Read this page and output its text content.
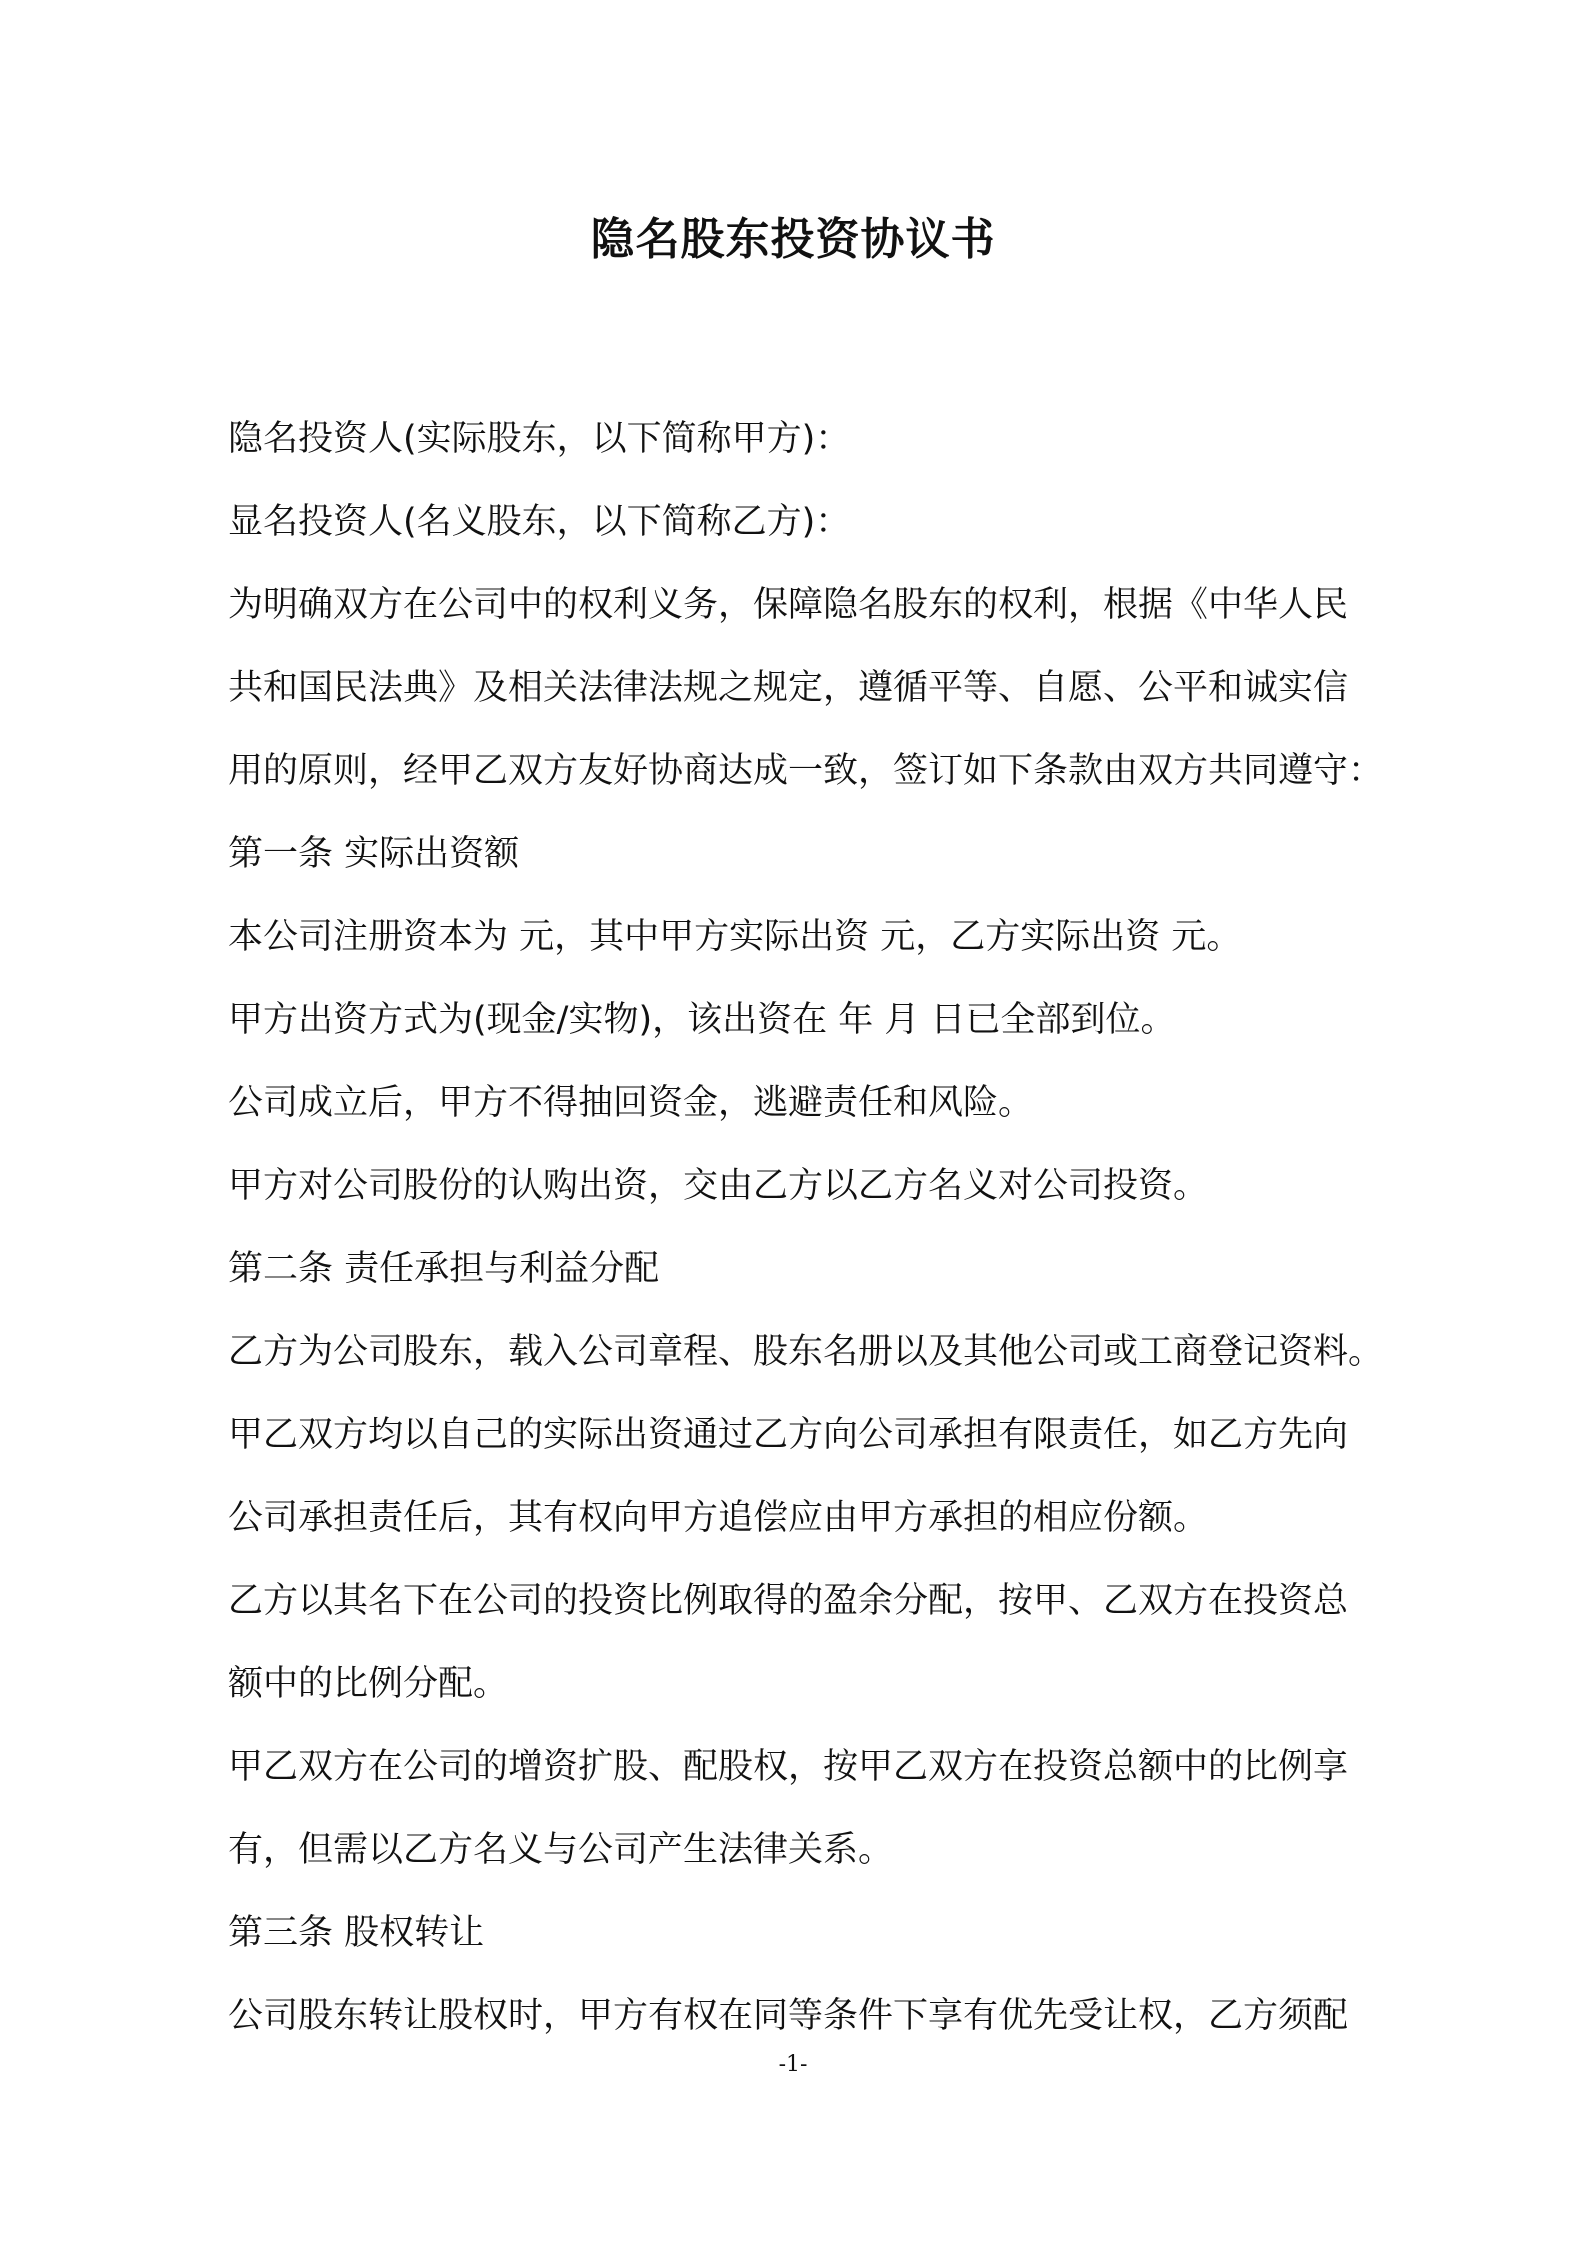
隐名股东投资协议书
隐名投资人(实际股东，以下简称甲方)：
显名投资人(名义股东，以下简称乙方)：
为明确双方在公司中的权利义务，保障隐名股东的权利，根据《中华人民
共和国民法典》及相关法律法规之规定，遵循平等、自愿、公平和诚实信
用的原则，经甲乙双方友好协商达成一致，签订如下条款由双方共同遵守：
第一条 实际出资额
本公司注册资本为 元，其中甲方实际出资 元，乙方实际出资 元。
甲方出资方式为(现金/实物)，该出资在 年 月 日已全部到位。
公司成立后，甲方不得抽回资金，逃避责任和风险。
甲方对公司股份的认购出资，交由乙方以乙方名义对公司投资。
第二条 责任承担与利益分配
乙方为公司股东，载入公司章程、股东名册以及其他公司或工商登记资料。
甲乙双方均以自己的实际出资通过乙方向公司承担有限责任，如乙方先向
公司承担责任后，其有权向甲方追偿应由甲方承担的相应份额。
乙方以其名下在公司的投资比例取得的盈余分配，按甲、乙双方在投资总
额中的比例分配。
甲乙双方在公司的增资扩股、配股权，按甲乙双方在投资总额中的比例享
有，但需以乙方名义与公司产生法律关系。
第三条 股权转让
公司股东转让股权时，甲方有权在同等条件下享有优先受让权，乙方须配
-1-
